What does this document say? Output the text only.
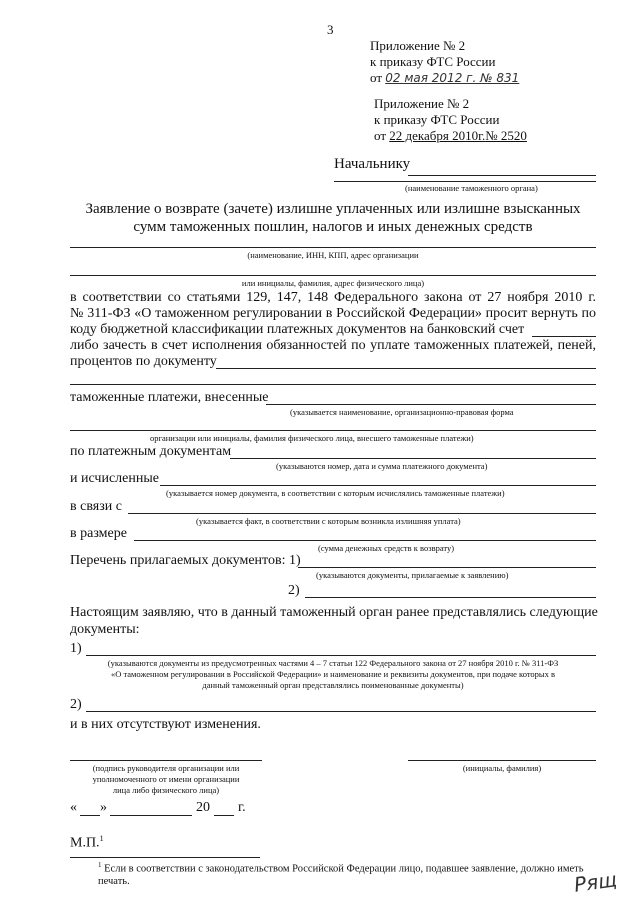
3
Приложение № 2
к приказу ФТС России
от 02 мая 2012 г. № 831
Приложение № 2
к приказу ФТС России
от 22 декабря 2010г.№ 2520
Начальнику
(наименование таможенного органа)
Заявление о возврате (зачете) излишне уплаченных или излишне взысканных
сумм таможенных пошлин, налогов и иных денежных средств
(наименование, ИНН, КПП, адрес организации
или инициалы, фамилия, адрес физического лица)
в соответствии со статьями 129, 147, 148 Федерального закона от 27 ноября 2010 г.
№ 311-ФЗ «О таможенном регулировании в Российской Федерации» просит вернуть по
коду бюджетной классификации платежных документов на банковский счет
либо зачесть в счет исполнения обязанностей по уплате таможенных платежей, пеней,
процентов по документу
таможенные платежи, внесенные
(указывается наименование, организационно-правовая форма
организации или инициалы, фамилия физического лица, внесшего таможенные платежи)
по платежным документам
(указываются номер, дата и сумма платежного документа)
и исчисленные
(указывается номер документа, в соответствии с которым исчислялись таможенные платежи)
в связи с
(указывается факт, в соответствии с которым возникла излишняя уплата)
в размере
(сумма денежных средств к возврату)
Перечень прилагаемых документов: 1)
(указываются документы, прилагаемые к заявлению)
2)
Настоящим заявляю, что в данный таможенный орган ранее представлялись следующие
документы:
1)
(указываются документы из предусмотренных частями 4 – 7 статьи 122 Федерального закона от 27 ноября 2010 г. № 311-ФЗ
«О таможенном регулировании в Российской Федерации» и наименование и реквизиты документов, при подаче которых в
данный таможенный орган представлялись поименованные документы)
2)
и в них отсутствуют изменения.
(подпись руководителя организации или
уполномоченного от имени организации
лица либо физического лица)
(инициалы, фамилия)
« »	20 г.
М.П.$^1$
$^1$ Если в соответствии с законодательством Российской Федерации лицо, подавшее заявление, должно иметь
печать.	Рящ
